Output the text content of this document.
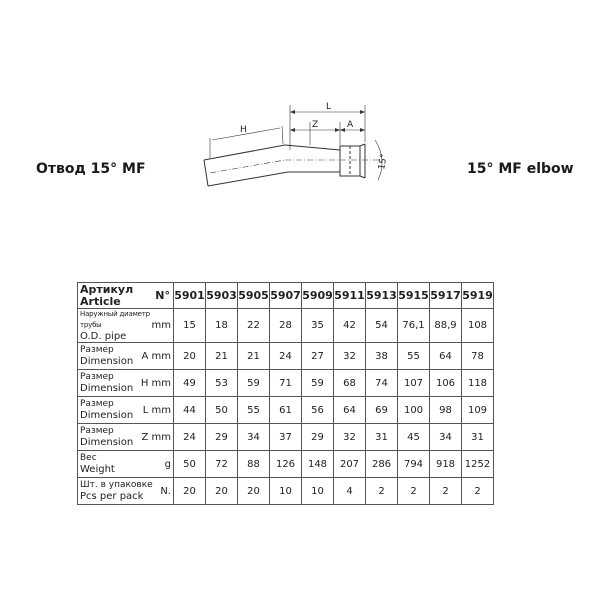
Отвод 15° MF	15° MF elbow
H
L
Z	A
15°
Артикул
Article N°	5901	5903	5905	5907	5909	5911	5913	5915	5917	5919

Наружный диаметр трубы
O.D. pipe
mm	15	18	22	28	35	42	54	76,1	88,9	108

Размер
Dimension A mm	20	21	21	24	27	32	38	55	64	78

Размер
Dimension H mm	49	53	59	71	59	68	74	107	106	118

Размер
Dimension L mm	44	50	55	61	56	64	69	100	98	109

Размер
Dimension Z mm	24	29	34	37	29	32	31	45	34	31

Вес
Weight g	50	72	88	126	148	207	286	794	918	1252

Шт. в упаковке
Pcs per pack N.	20	20	20	10	10	4	2	2	2	2
